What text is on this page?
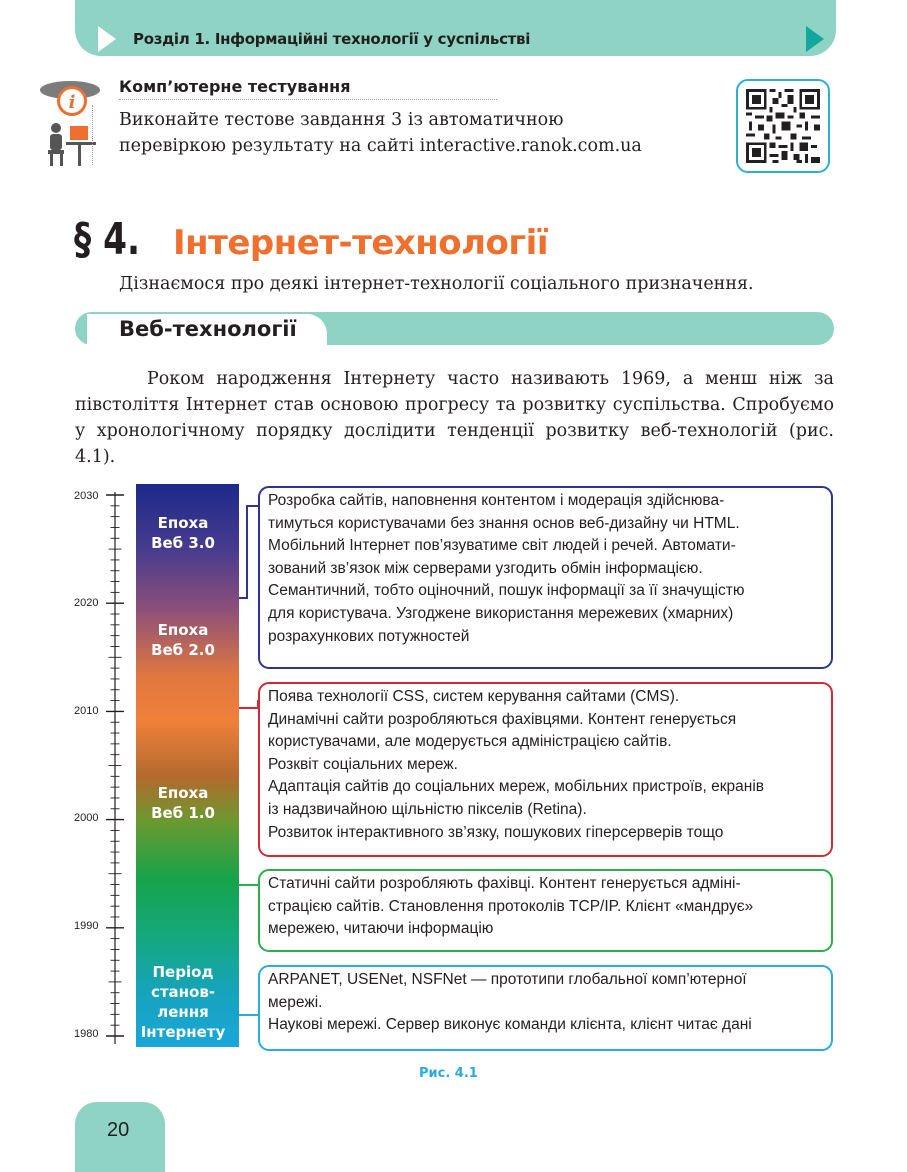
Розділ 1. Інформаційні технології у суспільстві
i
Комп’ютерне тестування
Виконайте тестове завдання 3 із автоматичною
перевіркою результату на сайті interactive.ranok.com.ua
§ 4. Інтернет-технології
Дізнаємося про деякі інтернет-технології соціального призначення.
Веб-технології

Роком народження Інтернету часто називають 1969, а менш ніж за півстоліття Інтернет став основою прогресу та розвитку суспільства. Спробуємо у хронологічному порядку дослідити тенденції розвитку веб-технологій (рис. 4.1).

2030
2020
2010
2000
1990
1980
Епоха
Веб 3.0
Епоха
Веб 2.0
Епоха
Веб 1.0
Період
станов-
лення
Інтернету
Розробка сайтів, наповнення контентом і модерація здійснюва-
тимуться користувачами без знання основ веб-дизайну чи HTML.
Мобільний Інтернет пов’язуватиме світ людей і речей. Автомати-
зований зв’язок між серверами узгодить обмін інформацією.
Семантичний, тобто оціночний, пошук інформації за її значущістю
для користувача. Узгоджене використання мережевих (хмарних)
розрахункових потужностей
Поява технології CSS, систем керування сайтами (CMS).
Динамічні сайти розробляються фахівцями. Контент генерується
користувачами, але модерується адміністрацією сайтів.
Розквіт соціальних мереж.
Адаптація сайтів до соціальних мереж, мобільних пристроїв, екранів
із надзвичайною щільністю пікселів (Retina).
Розвиток інтерактивного зв’язку, пошукових гіперсерверів тощо
Статичні сайти розробляють фахівці. Контент генерується адміні-
страцією сайтів. Становлення протоколів TCP/IP. Клієнт «мандрує»
мережею, читаючи інформацію
ARPANET, USENet, NSFNet — прототипи глобальної комп’ютерної
мережі.
Наукові мережі. Сервер виконує команди клієнта, клієнт читає дані
Рис. 4.1
20
